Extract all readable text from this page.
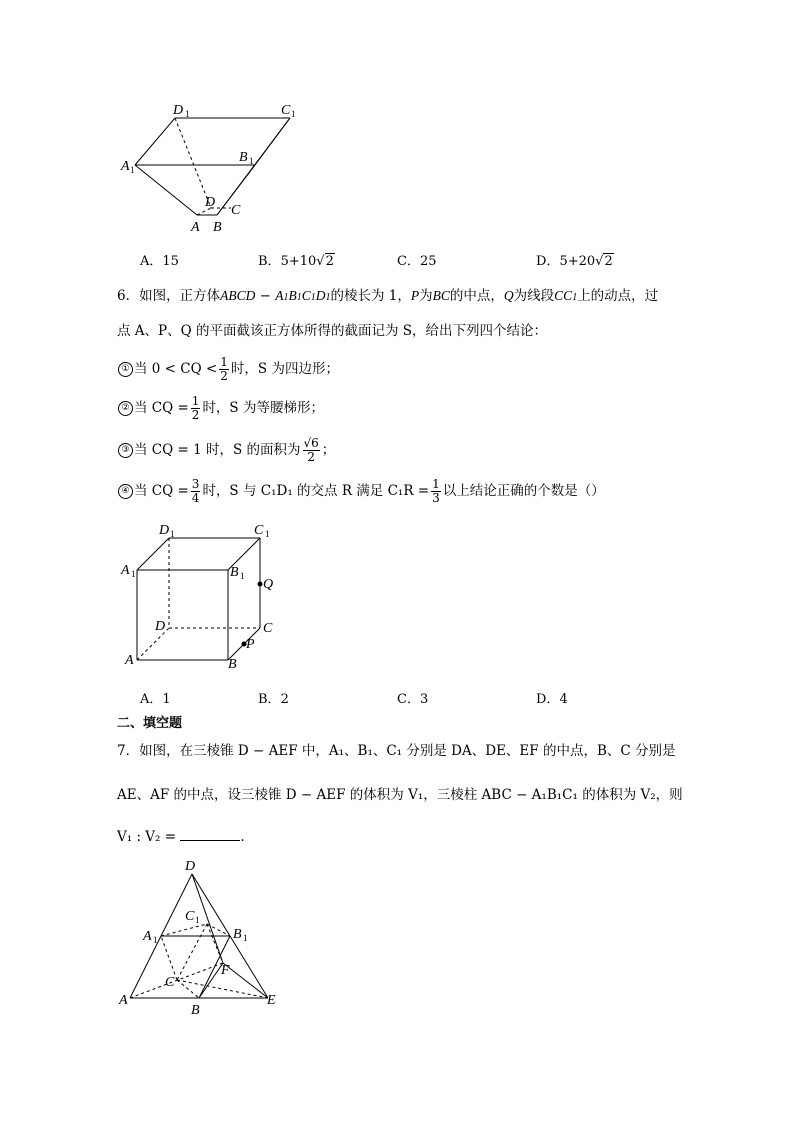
D 1	C 1
A 1
B 1
D
C
A B
A．15	B．5+10√2	C．25	D．5+20√2
6．如图，正方体ABCD − A1B1C1D1的棱长为 1，P为BC的中点，Q为线段CC1上的动点，过
点 A、P、Q 的平面截该正方体所得的截面记为 S，给出下列四个结论：
① 当 0 < CQ < $\frac{1}{2}$ 时，S 为四边形；
② 当 CQ = $\frac{1}{2}$ 时，S 为等腰梯形；
③ 当 CQ = 1 时，S 的面积为 $\frac{√6}{2}$ ；
④ 当 CQ = $\frac{3}{4}$ 时，S 与 C₁D₁ 的交点 R 满足 $C_1R = \frac{1}{3}$ 以上结论正确的个数是（）
D 1	C 1
A 1	B 1
Q
D	C
P
A	B
A．1	B．2	C．3	D．4
二、填空题
7．如图，在三棱锥 D − AEF 中，A₁、B₁、C₁ 分别是 DA、DE、EF 的中点，B、C 分别是
AE、AF 的中点，设三棱锥 D − AEF 的体积为 V₁，三棱柱 ABC − A₁B₁C₁ 的体积为 V₂，则
V₁ : V₂ =	.
D
C 1
A 1	B 1
F
C
A
B
E
